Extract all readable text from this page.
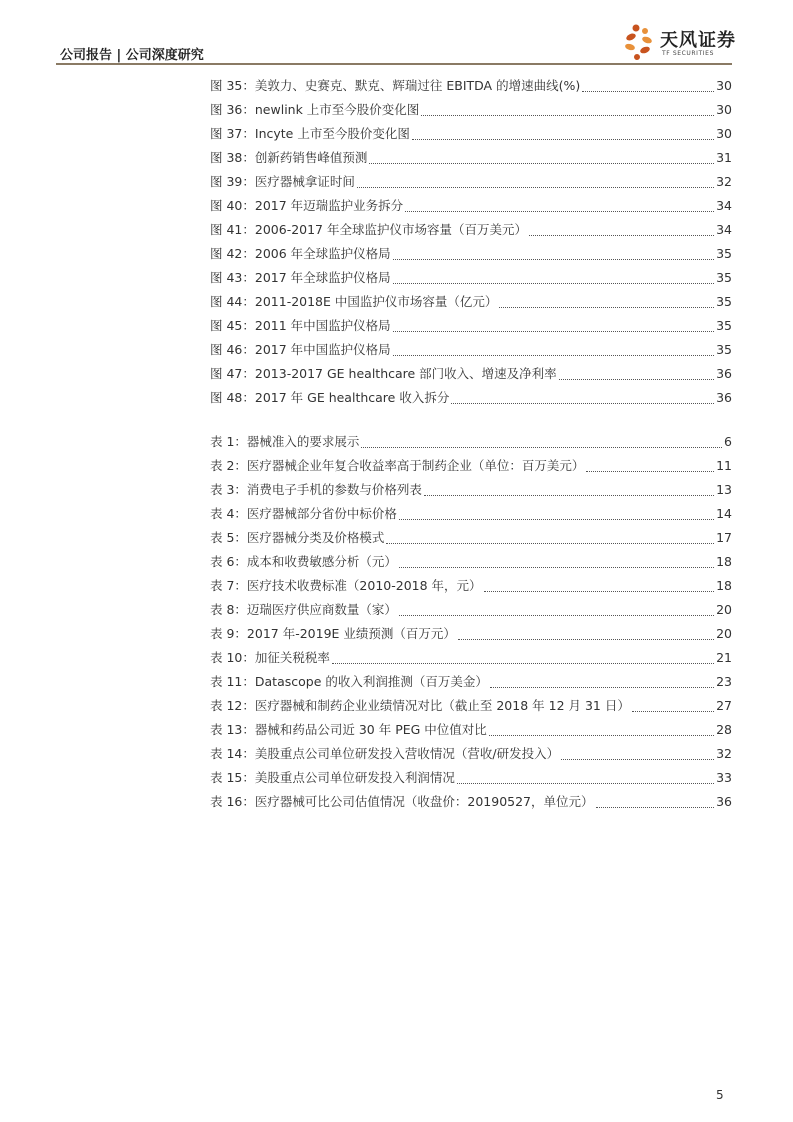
公司报告 | 公司深度研究
天风证券
TF SECURITIES
图 35：美敦力、史赛克、默克、辉瑞过往 EBITDA 的增速曲线(%)	30
图 36：newlink 上市至今股价变化图	30
图 37：Incyte 上市至今股价变化图	30
图 38：创新药销售峰值预测	31
图 39：医疗器械拿证时间	32
图 40：2017 年迈瑞监护业务拆分	34
图 41：2006-2017 年全球监护仪市场容量（百万美元）	34
图 42：2006 年全球监护仪格局	35
图 43：2017 年全球监护仪格局	35
图 44：2011-2018E 中国监护仪市场容量（亿元）	35
图 45：2011 年中国监护仪格局	35
图 46：2017 年中国监护仪格局	35
图 47：2013-2017 GE healthcare 部门收入、增速及净利率	36
图 48：2017 年 GE healthcare 收入拆分	36
表 1：器械准入的要求展示	6
表 2：医疗器械企业年复合收益率高于制药企业（单位：百万美元）	11
表 3：消费电子手机的参数与价格列表	13
表 4：医疗器械部分省份中标价格	14
表 5：医疗器械分类及价格模式	17
表 6：成本和收费敏感分析（元）	18
表 7：医疗技术收费标准（2010-2018 年，元）	18
表 8：迈瑞医疗供应商数量（家）	20
表 9：2017 年-2019E 业绩预测（百万元）	20
表 10：加征关税税率	21
表 11：Datascope 的收入利润推测（百万美金）	23
表 12：医疗器械和制药企业业绩情况对比（截止至 2018 年 12 月 31 日）	27
表 13：器械和药品公司近 30 年 PEG 中位值对比	28
表 14：美股重点公司单位研发投入营收情况（营收/研发投入）	32
表 15：美股重点公司单位研发投入利润情况	33
表 16：医疗器械可比公司估值情况（收盘价：20190527，单位元）	36
5
